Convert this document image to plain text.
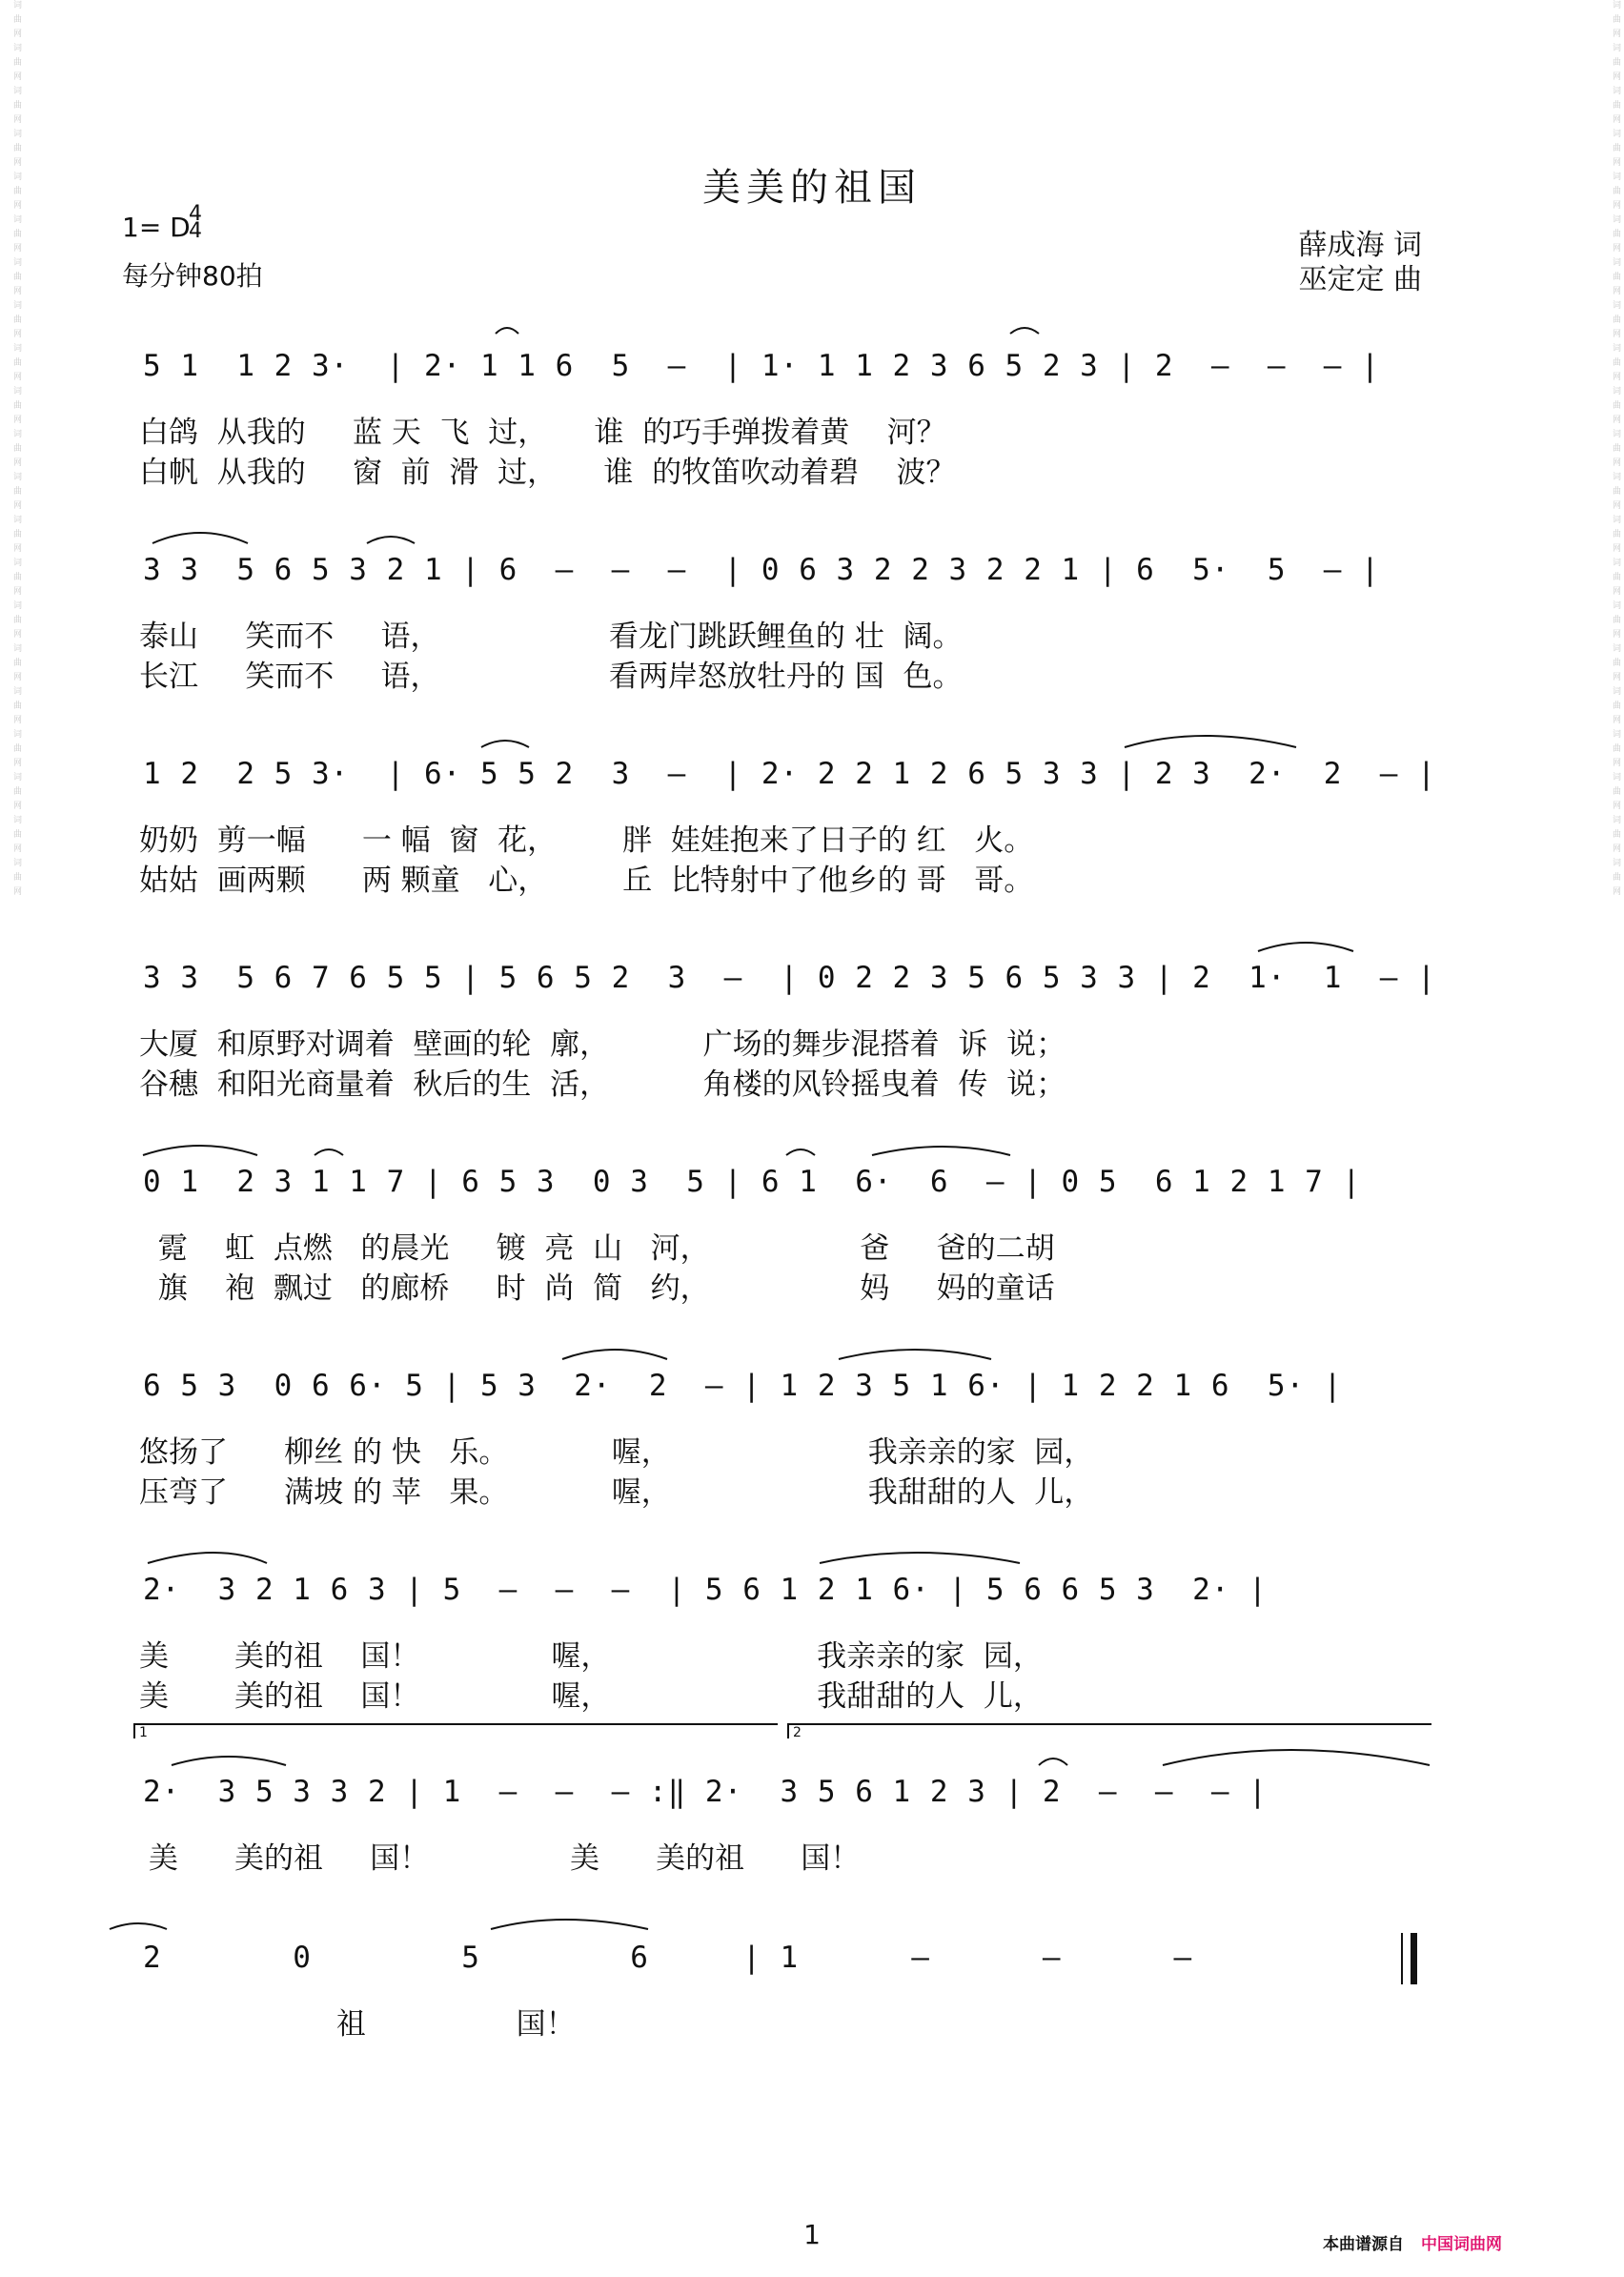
词曲网词曲网词曲网词曲网词曲网词曲网词曲网词曲网词曲网词曲网词曲网词曲网词曲网词曲网词曲网词曲网词曲网词曲网词曲网词曲网词曲网	词曲网词曲网词曲网词曲网词曲网词曲网词曲网词曲网词曲网词曲网词曲网词曲网词曲网词曲网词曲网词曲网词曲网词曲网词曲网词曲网词曲网
美美的祖国
1= D
4
4
每分钟80拍
薛成海 词
巫定定 曲
5 1  1 2 3·  | 2· 1 1 6  5  –  | 1· 1 1 2 3 6 5 2 3 | 2  –  –  – |
白鸽  从我的     蓝 天  飞  过，     谁  的巧手弹拨着黄    河？
白帆  从我的     窗  前  滑  过，     谁  的牧笛吹动着碧    波？
3 3  5 6 5 3 2 1 | 6  –  –  –  | 0 6 3 2 2 3 2 2 1 | 6  5·  5  – |
泰山     笑而不     语，                  看龙门跳跃鲤鱼的 壮  阔。
长江     笑而不     语，                  看两岸怒放牡丹的 国  色。
1 2  2 5 3·  | 6· 5 5 2  3  –  | 2· 2 2 1 2 6 5 3 3 | 2 3  2·  2  – |
奶奶  剪一幅      一 幅  窗  花，       胖  娃娃抱来了日子的 红   火。
姑姑  画两颗      两 颗童   心，        丘  比特射中了他乡的 哥   哥。
3 3  5 6 7 6 5 5 | 5 6 5 2  3  –  | 0 2 2 3 5 6 5 3 3 | 2  1·  1  – |
大厦  和原野对调着  壁画的轮  廓，          广场的舞步混搭着  诉  说；
谷穗  和阳光商量着  秋后的生  活，          角楼的风铃摇曳着  传  说；
0 1  2 3 1 1 7 | 6 5 3  0 3  5 | 6 1  6·  6  – | 0 5  6 1 2 1 7 |
霓    虹  点燃   的晨光     镀  亮  山   河，                爸     爸的二胡
旗    袍  飘过   的廊桥     时  尚  简   约，                妈     妈的童话
6 5 3  0 6 6· 5 | 5 3  2·  2  – | 1 2 3 5 1 6· | 1 2 2 1 6  5· |
悠扬了      柳丝 的 快   乐。           喔，                     我亲亲的家  园，
压弯了      满坡 的 苹   果。           喔，                     我甜甜的人  儿，
2·  3 2 1 6 3 | 5  –  –  –  | 5 6 1 2 1 6· | 5 6 6 5 3  2· |
美       美的祖    国！              喔，                      我亲亲的家  园，
美       美的祖    国！              喔，                      我甜甜的人  儿，
1	2
2·  3 5 3 3 2 | 1  –  –  – :‖ 2·  3 5 6 1 2 3 | 2  –  –  – |
美      美的祖     国！               美      美的祖      国！
2       0        5        6     | 1      –      –      –
祖                国！
1	本曲谱源自 中国词曲网
